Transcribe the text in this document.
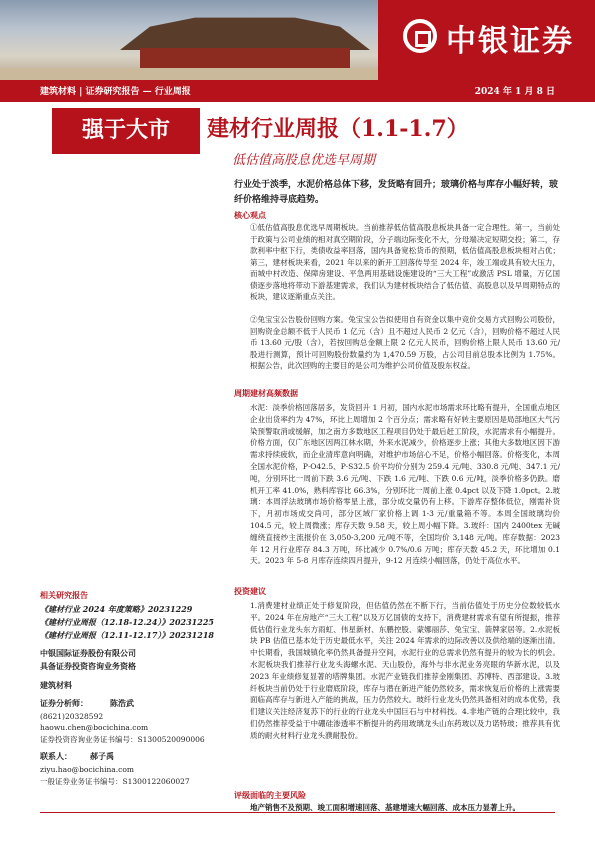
中银证券
建筑材料 | 证券研究报告 — 行业周报	2024 年 1 月 8 日
强于大市	建材行业周报（1.1-1.7）
低估值高股息优选早周期
行业处于淡季，水泥价格总体下移，发货略有回升；玻璃价格与库存小幅好转，玻纤价格维持寻底趋势。
核心观点
①低估值高股息优选早周期板块。当前推荐低估值高股息板块具备一定合理性。第一，当前处于政策与公司业绩的相对真空期阶段，分子端边际变化不大，分母端决定短期交投；第二，存款利率中枢下行，类债收益率回落，国内具备宽松货币的预期，低估值高股息板块相对占优；第三，建材板块来看，2021 年以来的新开工回落传导至 2024 年，竣工端或具有较大压力，而城中村改造、保障房建设、平急两用基础设施建设的“三大工程”或激活 PSL 增量，万亿国债逐步落地将带动下游基建需求，我们认为建材板块结合了低估值、高股息以及早周期特点的板块，建议逐渐重点关注。
②兔宝宝公告股份回购方案。兔宝宝公告拟使用自有资金以集中竞价交易方式回购公司股份，回购资金总额不低于人民币 1 亿元（含）且不超过人民币 2 亿元（含），回购价格不超过人民币 13.60 元/股（含），若按回购总金额上限 2 亿元人民币，回购价格上限人民币 13.60 元/股进行测算，预计可回购股份数量约为 1,470.59 万股，占公司目前总股本比例为 1.75%。根据公告，此次回购的主要目的是公司为维护公司价值及股东权益。
周期建材高频数据
水泥：淡季价格回落居多，发货回升 1 月初，国内水泥市场需求环比略有提升，全国重点地区企业出货率约为 47%，环比上周增加 2 个百分点；需求略有好转主要原因是局部地区大气污染预警取消或缓解，加之南方多数地区工程项目仍处于最后赶工阶段，水泥需求有小幅提升。价格方面，仅广东地区因两江林水期，外来水泥减少，价格逐步上涨；其他大多数地区因下游需求持续疲软，而企业清库意向明确，对维护市场信心不足，价格小幅回落。价格变化，本周全国水泥价格，P·O42.5、P·S32.5 价平均价分别为 259.4 元/吨、330.8 元/吨、347.1 元/吨，分别环比一周前下跌 3.6 元/吨、下跌 1.6 元/吨、下跌 0.6 元/吨，淡季价格多仍跌。磨机开工率 41.0%，熟料库容比 66.3%，分别环比一周前上涨 0.4pct 以及下降 1.0pct。2.玻璃：本周浮法玻璃市场价格零星上涨，部分成交量仍有上移。下游库存整体低位，刚需补货下，月初市场成交尚可，部分区域厂家价格上调 1-3 元/重量箱不等。本周全国玻璃均价 104.5 元，较上周微涨；库存天数 9.58 天，较上周小幅下降。3.玻纤：国内 2400tex 无碱缠绕直接纱主流报价在 3,050-3,200 元/吨不等，全国均价 3,148 元/吨。库存数据：2023 年 12 月行业库存 84.3 万吨，环比减少 0.7%/0.6 万吨；库存天数 45.2 天，环比增加 0.1 天。2023 年 5-8 月库存连续四月提升，9-12 月连续小幅回落，仍处于高位水平。
投资建议
1.消费建材业绩正处于修复阶段，但估值仍然在不断下行，当前估值处于历史分位数较低水平。2024 年在房地产“三大工程”以及万亿国债的支持下，消费建材需求有望有所提振，推荐低估值行业龙头东方雨虹、伟星新材、东鹏控股、蒙娜丽莎、兔宝宝、箭牌家居等。2.水泥板块 PB 估值已基本处于历史最低水平，关注 2024 年需求的边际改善以及供给端的逐渐出清。中长期看，我国城镇化率仍然具备提升空间，水泥行业的总需求仍然有提升的较为长的机会。水泥板块我们推荐行业龙头海螺水泥、天山股份，海外与非水泥业务亮眼的华新水泥，以及 2023 年业绩修复显著的塔牌集团。水泥产业链我们推荐金刚集团、苏博特、西部建设。3.玻纤板块当前仍处于行业磨底阶段，库存与潜在新进产能仍然较多，需求恢复后价格的上涨需要面临高库存与新进入产能的挑战，压力仍然较大。玻纤行业龙头仍然具备相对的成本优势，我们建议关注经济复苏下的行业的行业龙头中国巨石与中材科技。4.非地产链的合理比较中，我们仍然推荐受益于中硼硅渗透率不断提升的药用玻璃龙头山东药玻以及力诺特玻；推荐具有优质的耐火材料行业龙头濮耐股份。
评级面临的主要风险
地产销售不及预期、竣工面积增速回落、基建增速大幅回落、成本压力显著上升。
相关研究报告
《建材行业 2024 年度策略》20231229
《建材行业周报（12.18-12.24）》20231225
《建材行业周报（12.11-12.17）》20231218
中银国际证券股份有限公司
具备证券投资咨询业务资格
建筑材料
证券分析师：	陈浩武
(8621)20328592
haowu.chen@bocichina.com
证券投资咨询业务证书编号：S1300520090006
联系人： 郝子禹
ziyu.hao@bocichina.com
一般证券业务证书编号：S1300122060027
